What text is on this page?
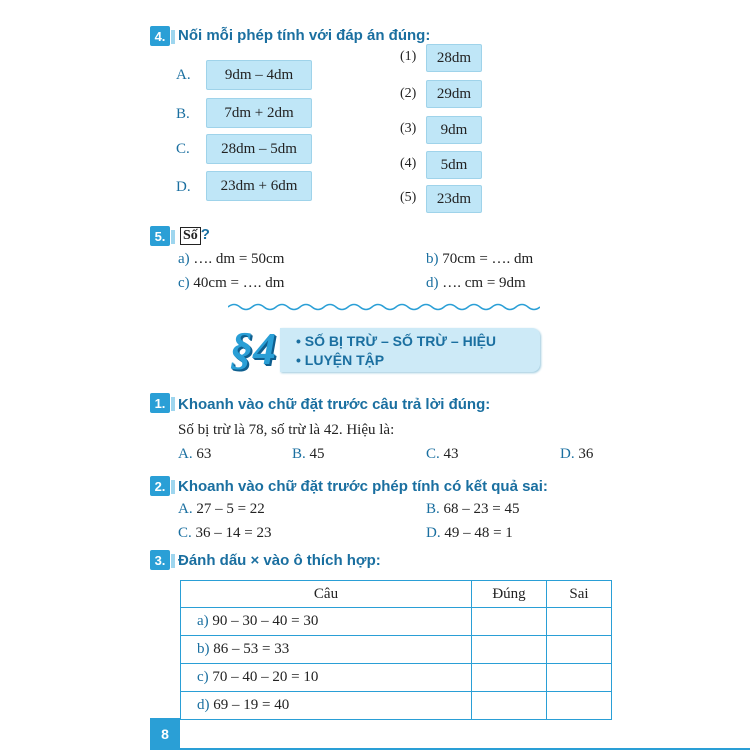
4. Nối mỗi phép tính với đáp án đúng:
A.	9dm – 4dm
B.	7dm + 2dm
C.	28dm – 5dm
D.	23dm + 6dm
(1)	28dm
(2)	29dm
(3)	9dm
(4)	5dm
(5)	23dm
5.	Số ?
a) …. dm = 50cm	b) 70cm = …. dm
c) 40cm = …. dm	d) …. cm = 9dm
§4 • SỐ BỊ TRỪ – SỐ TRỪ – HIỆU
• LUYỆN TẬP
1. Khoanh vào chữ đặt trước câu trả lời đúng:
Số bị trừ là 78, số trừ là 42. Hiệu là:
A. 63	B. 45	C. 43	D. 36
2. Khoanh vào chữ đặt trước phép tính có kết quả sai:
A. 27 – 5 = 22	B. 68 – 23 = 45
C. 36 – 14 = 23	D. 49 – 48 = 1
3. Đánh dấu × vào ô thích hợp:
Câu	Đúng	Sai
a) 90 – 30 – 40 = 30		
b) 86 – 53 = 33		
c) 70 – 40 – 20 = 10		
d) 69 – 19 = 40		
8
